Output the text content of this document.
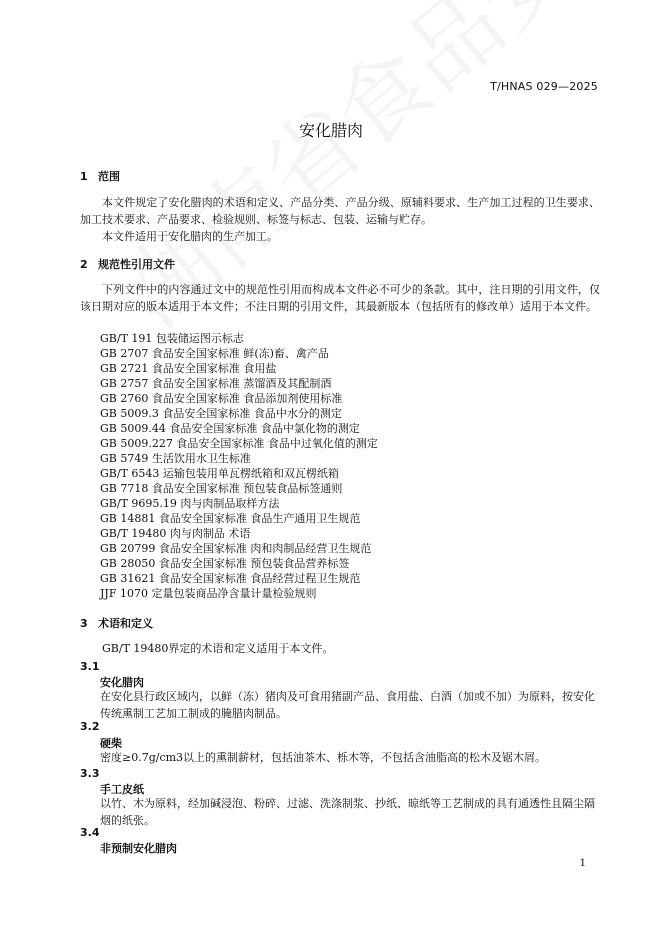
T/HNAS 029—2025
安化腊肉
1 范围
本文件规定了安化腊肉的术语和定义、产品分类、产品分级、原辅料要求、生产加工过程的卫生要求、加工技术要求、产品要求、检验规则、标签与标志、包装、运输与贮存。
本文件适用于安化腊肉的生产加工。
2 规范性引用文件
下列文件中的内容通过文中的规范性引用而构成本文件必不可少的条款。其中，注日期的引用文件，仅该日期对应的版本适用于本文件；不注日期的引用文件，其最新版本（包括所有的修改单）适用于本文件。
GB/T 191 包装储运图示标志
GB 2707 食品安全国家标准 鲜(冻)畜、禽产品
GB 2721 食品安全国家标准 食用盐
GB 2757 食品安全国家标准 蒸馏酒及其配制酒
GB 2760 食品安全国家标准 食品添加剂使用标准
GB 5009.3 食品安全国家标准 食品中水分的测定
GB 5009.44 食品安全国家标准 食品中氯化物的测定
GB 5009.227 食品安全国家标准 食品中过氧化值的测定
GB 5749 生活饮用水卫生标准
GB/T 6543 运输包装用单瓦楞纸箱和双瓦楞纸箱
GB 7718 食品安全国家标准 预包装食品标签通则
GB/T 9695.19 肉与肉制品取样方法
GB 14881 食品安全国家标准 食品生产通用卫生规范
GB/T 19480 肉与肉制品 术语
GB 20799 食品安全国家标准 肉和肉制品经营卫生规范
GB 28050 食品安全国家标准 预包装食品营养标签
GB 31621 食品安全国家标准 食品经营过程卫生规范
JJF 1070 定量包装商品净含量计量检验规则
3 术语和定义
GB/T 19480界定的术语和定义适用于本文件。
3.1
安化腊肉
在安化县行政区域内，以鲜（冻）猪肉及可食用猪副产品、食用盐、白酒（加或不加）为原料，按安化传统熏制工艺加工制成的腌腊肉制品。
3.2
硬柴
密度≥0.7g/cm3以上的熏制薪材，包括油茶木、栎木等，不包括含油脂高的松木及锯木屑。
3.3
手工皮纸
以竹、木为原料，经加碱浸泡、粉碎、过滤、洗涤制浆、抄纸、晾纸等工艺制成的具有通透性且隔尘隔烟的纸张。
3.4
非预制安化腊肉
1
